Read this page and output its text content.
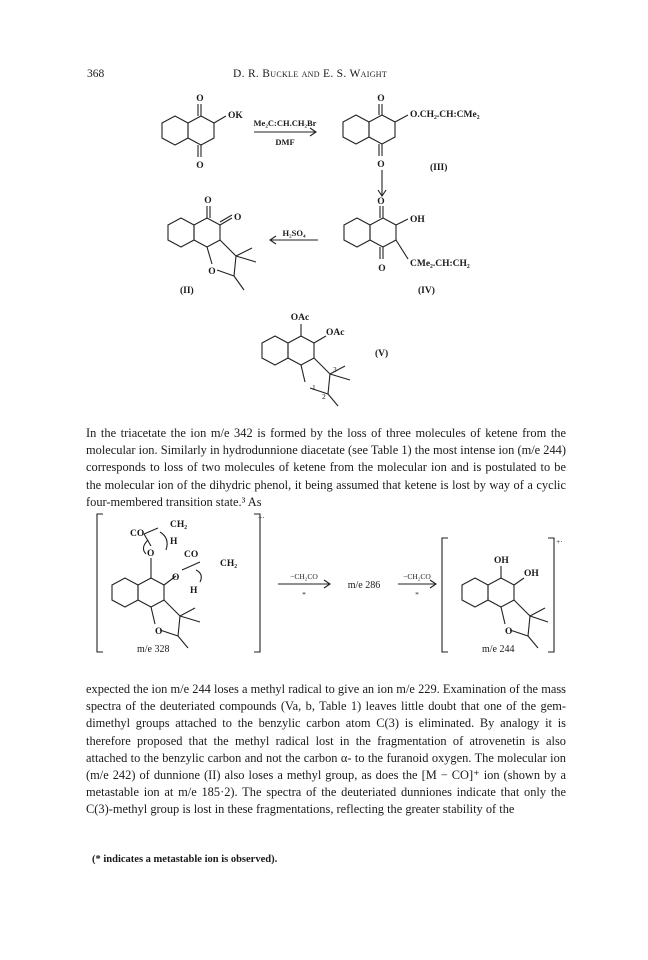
368	D. R. Buckle and E. S. Waight
O
O
OK
Me₂C:CH.CH₂Br
DMF
O
O
O.CH₂.CH:CMe₂
(III)
O
O
OH
CMe₂.CH:CH₂
(IV)
H₂SO₄
O
O
O
(II)
OAc
OAc
3
1
2
(V)

In the triacetate the ion m/e 342 is formed by the loss of three molecules of ketene from the molecular ion. Similarly in hydrodunnione diacetate (see Table 1) the most intense ion (m/e 244) corresponds to loss of two molecules of ketene from the molecular ion and is postulated to be the molecular ion of the dihydric phenol, it being assumed that ketene is lost by way of a cyclic four-membered transition state.³ As

CH₂
CO
H
O	CO
CH₂
O
H
O
+·
m/e 328
−CH₂CO
*
m/e 286
−CH₂CO
*
OH
OH
O
+·
m/e 244

expected the ion m/e 244 loses a methyl radical to give an ion m/e 229. Examination of the mass spectra of the deuteriated compounds (Va, b, Table 1) leaves little doubt that one of the gem-dimethyl groups attached to the benzylic carbon atom C(3) is eliminated. By analogy it is therefore proposed that the methyl radical lost in the fragmentation of atrovenetin is also attached to the benzylic carbon and not the carbon α- to the furanoid oxygen. The molecular ion (m/e 242) of dunnione (II) also loses a methyl group, as does the [M − CO]⁺ ion (shown by a metastable ion at m/e 185·2). The spectra of the deuteriated dunniones indicate that only the C(3)-methyl group is lost in these fragmentations, reflecting the greater stability of the

(* indicates a metastable ion is observed).
